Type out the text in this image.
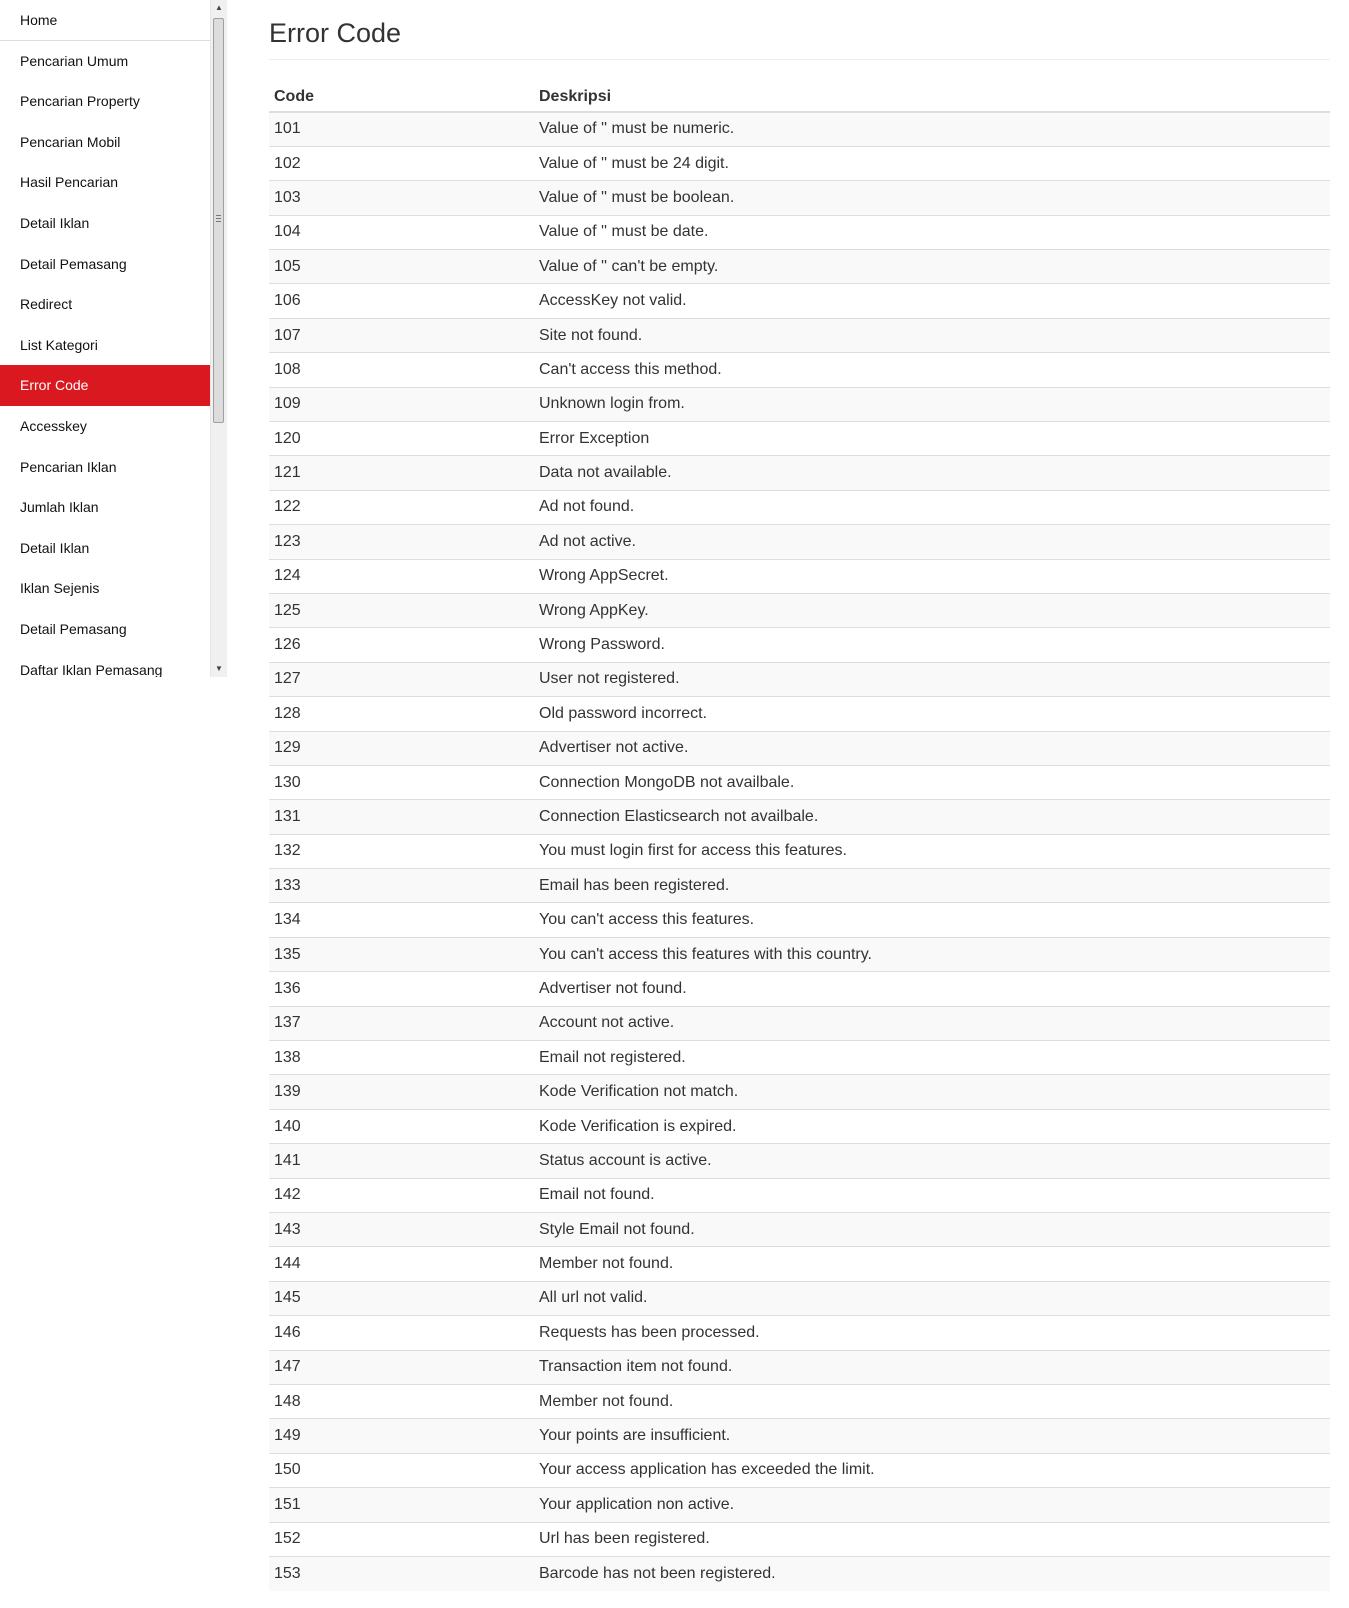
Home
Pencarian Umum
Pencarian Property
Pencarian Mobil
Hasil Pencarian
Detail Iklan
Detail Pemasang
Redirect
List Kategori
Error Code
Accesskey
Pencarian Iklan
Jumlah Iklan
Detail Iklan
Iklan Sejenis
Detail Pemasang
Daftar Iklan Pemasang
▲
▼
Error Code
Code	Deskripsi
101	Value of '' must be numeric.
102	Value of '' must be 24 digit.
103	Value of '' must be boolean.
104	Value of '' must be date.
105	Value of '' can't be empty.
106	AccessKey not valid.
107	Site not found.
108	Can't access this method.
109	Unknown login from.
120	Error Exception
121	Data not available.
122	Ad not found.
123	Ad not active.
124	Wrong AppSecret.
125	Wrong AppKey.
126	Wrong Password.
127	User not registered.
128	Old password incorrect.
129	Advertiser not active.
130	Connection MongoDB not availbale.
131	Connection Elasticsearch not availbale.
132	You must login first for access this features.
133	Email has been registered.
134	You can't access this features.
135	You can't access this features with this country.
136	Advertiser not found.
137	Account not active.
138	Email not registered.
139	Kode Verification not match.
140	Kode Verification is expired.
141	Status account is active.
142	Email not found.
143	Style Email not found.
144	Member not found.
145	All url not valid.
146	Requests has been processed.
147	Transaction item not found.
148	Member not found.
149	Your points are insufficient.
150	Your access application has exceeded the limit.
151	Your application non active.
152	Url has been registered.
153	Barcode has not been registered.
